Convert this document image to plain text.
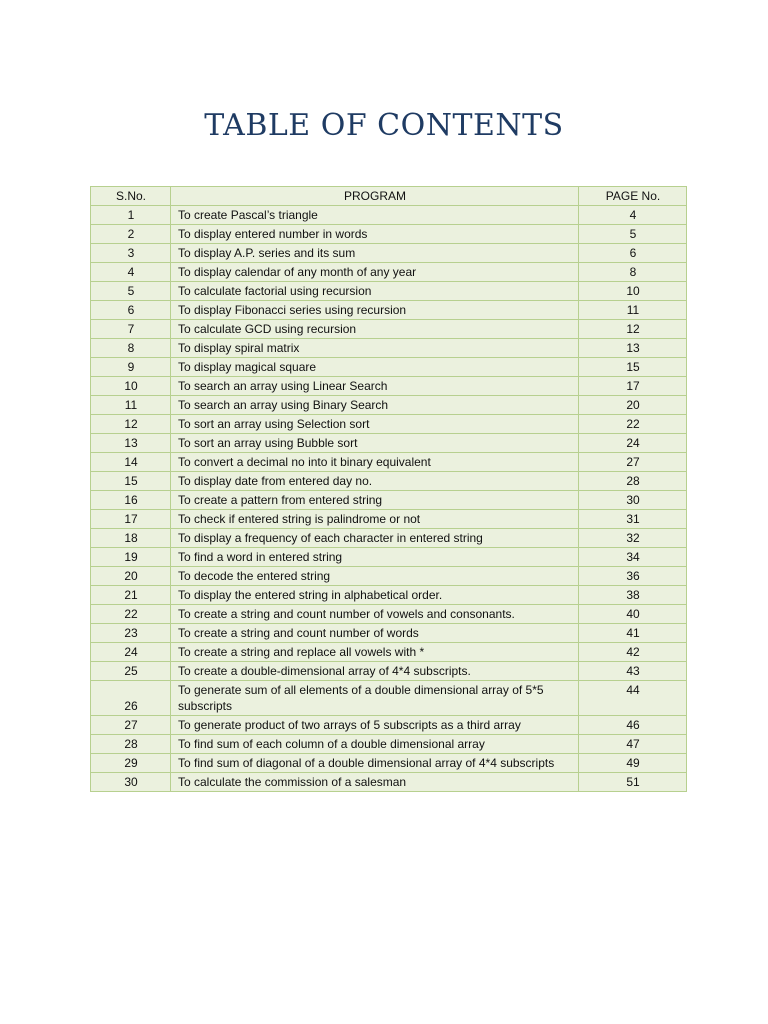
TABLE OF CONTENTS
S.No.	PROGRAM	PAGE No.
1	To create Pascal’s triangle	4
2	To display entered number in words	5
3	To display A.P. series and its sum	6
4	To display calendar of any month of any year	8
5	To calculate factorial using recursion	10
6	To display Fibonacci series using recursion	11
7	To calculate GCD using recursion	12
8	To display spiral matrix	13
9	To display magical square	15
10	To search an array using Linear Search	17
11	To search an array using Binary Search	20
12	To sort an array using Selection sort	22
13	To sort an array using Bubble sort	24
14	To convert a decimal no into it binary equivalent	27
15	To display date from entered day no.	28
16	To create a pattern from entered string	30
17	To check if entered string is palindrome or not	31
18	To display a frequency of each character in entered string	32
19	To find a word in entered string	34
20	To decode the entered string	36
21	To display the entered string in alphabetical order.	38
22	To create a string and count number of vowels and consonants.	40
23	To create a string and count number of words	41
24	To create a string and replace all vowels with *	42
25	To create a double-dimensional array of 4*4 subscripts.	43
26	To generate sum of all elements of a double dimensional array of 5*5 subscripts	44
27	To generate product of two arrays of 5 subscripts as a third array	46
28	To find sum of each column of a double dimensional array	47
29	To find sum of diagonal of a double dimensional array of 4*4 subscripts	49
30	To calculate the commission of a salesman	51
